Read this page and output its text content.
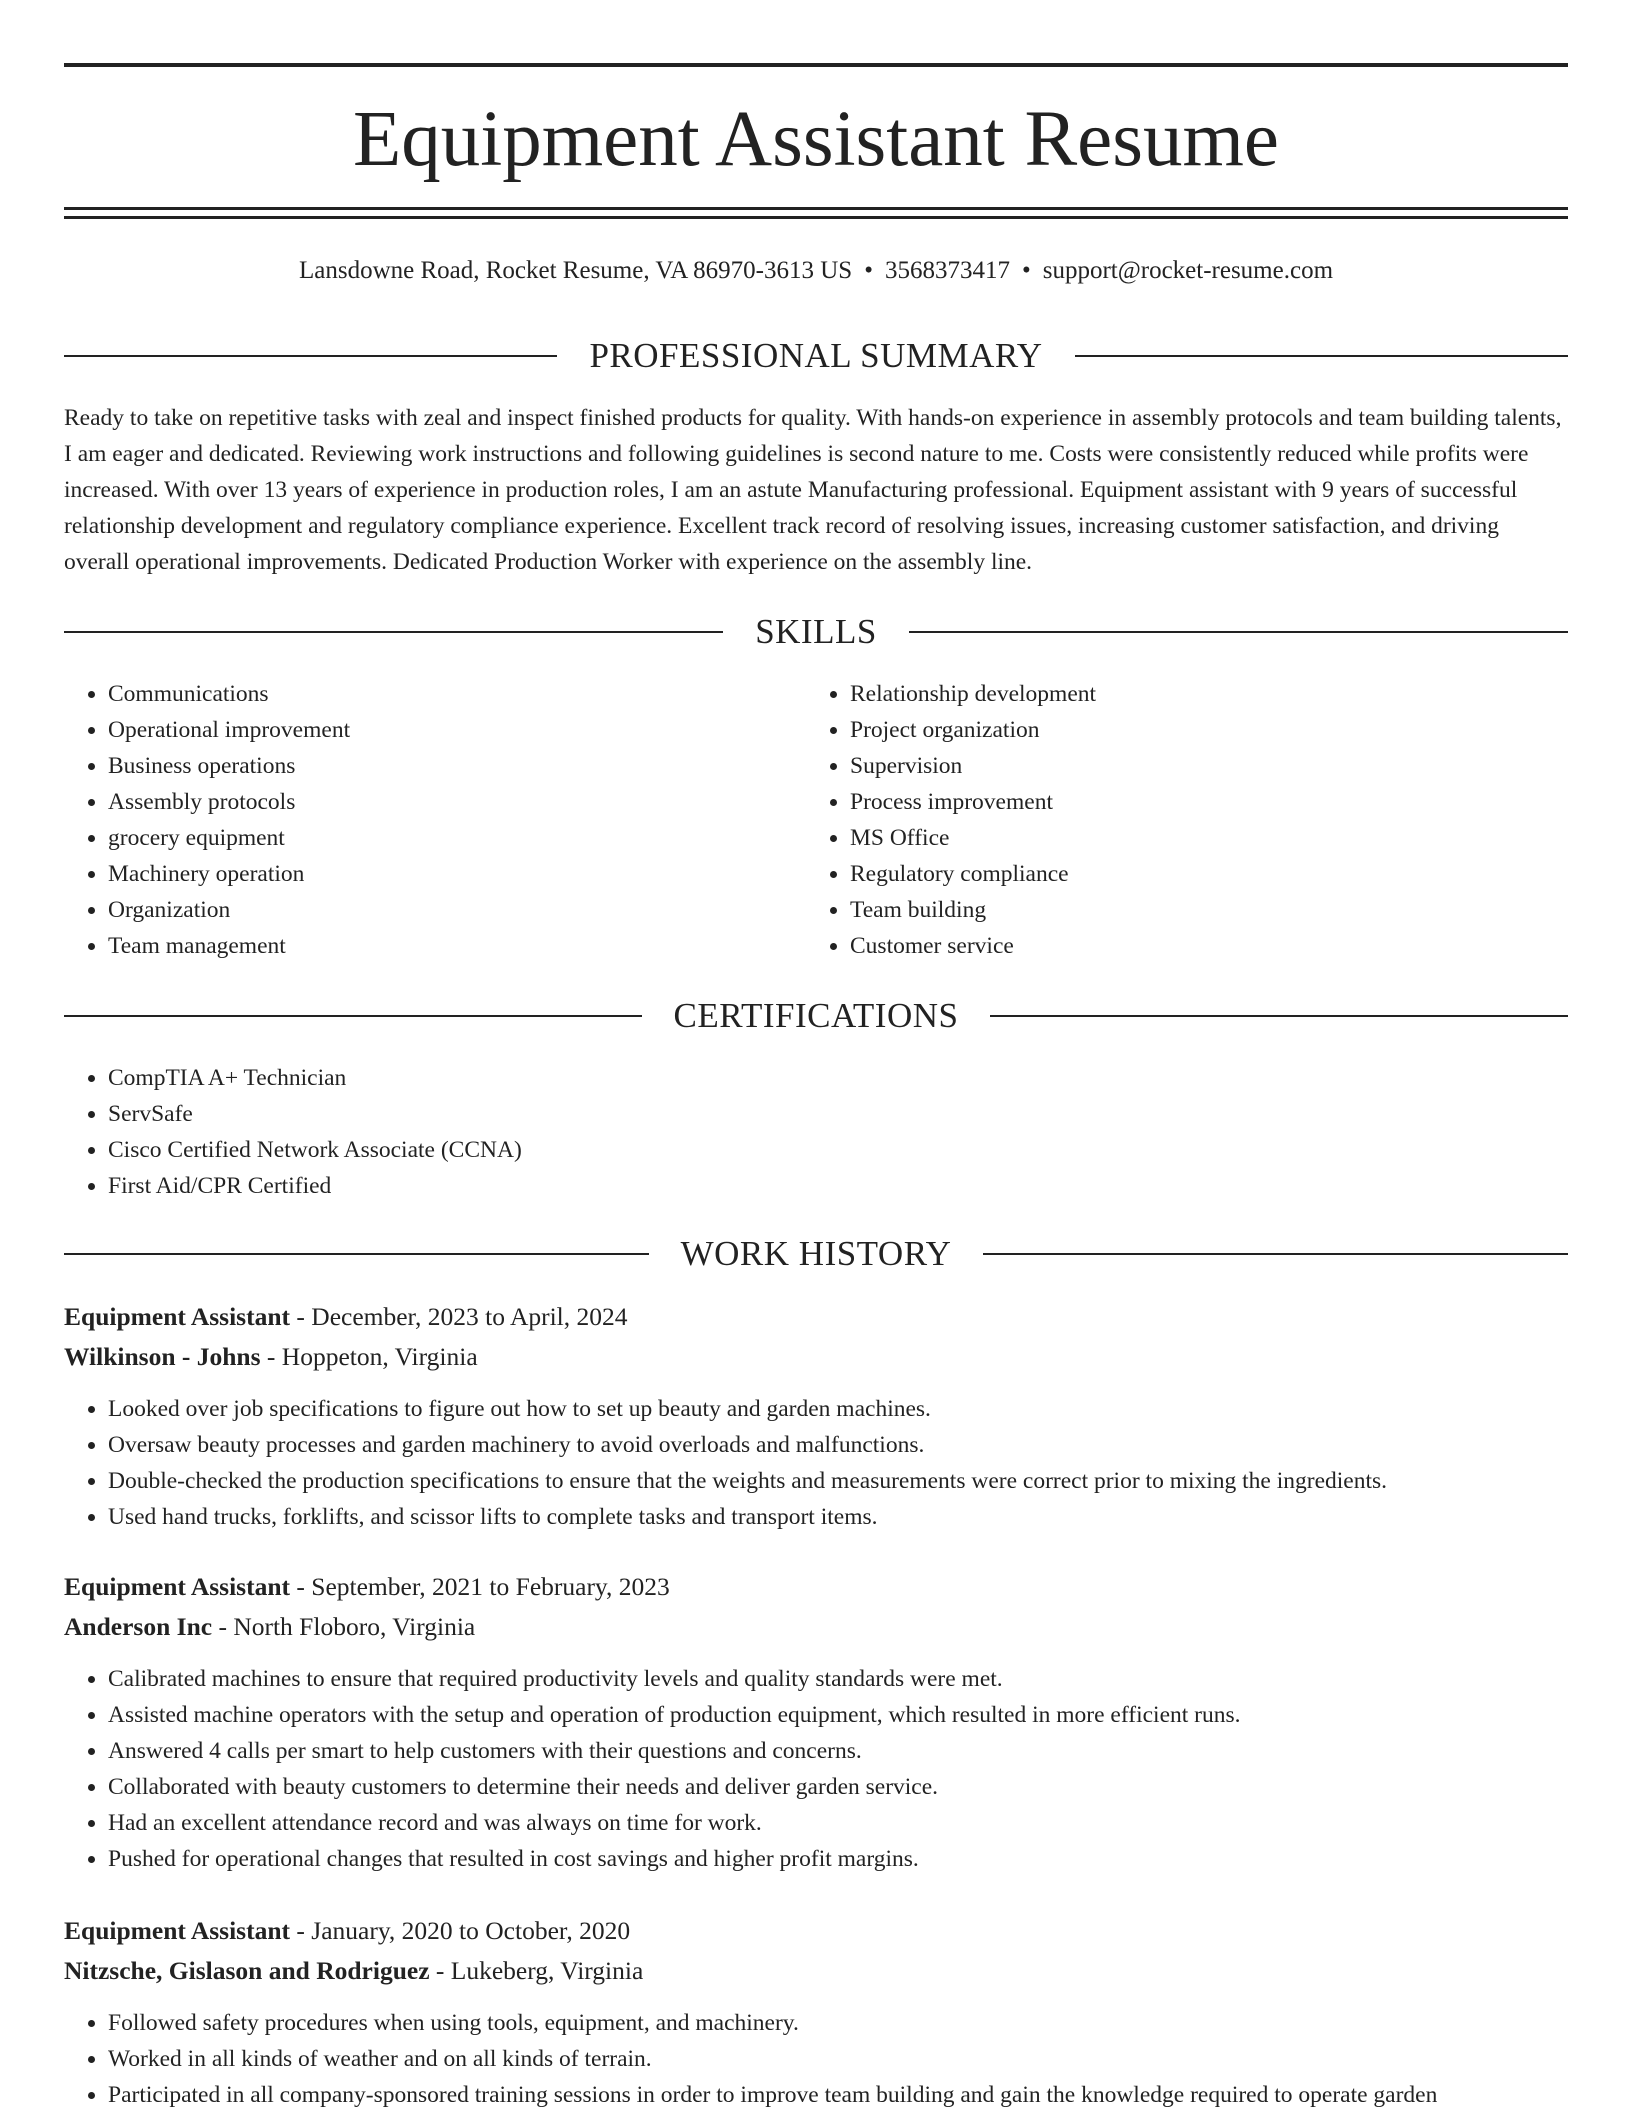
Equipment Assistant Resume
Lansdowne Road, Rocket Resume, VA 86970-3613 US • 3568373417 • support@rocket-resume.com
PROFESSIONAL SUMMARY

Ready to take on repetitive tasks with zeal and inspect finished products for quality. With hands-on experience in assembly protocols and team building talents, I am eager and dedicated. Reviewing work instructions and following guidelines is second nature to me. Costs were consistently reduced while profits were increased. With over 13 years of experience in production roles, I am an astute Manufacturing professional. Equipment assistant with 9 years of successful relationship development and regulatory compliance experience. Excellent track record of resolving issues, increasing customer satisfaction, and driving overall operational improvements. Dedicated Production Worker with experience on the assembly line.

SKILLS
• Communications
• Operational improvement
• Business operations
• Assembly protocols
• grocery equipment
• Machinery operation
• Organization
• Team management
• Relationship development
• Project organization
• Supervision
• Process improvement
• MS Office
• Regulatory compliance
• Team building
• Customer service
CERTIFICATIONS
• CompTIA A+ Technician
• ServSafe
• Cisco Certified Network Associate (CCNA)
• First Aid/CPR Certified
WORK HISTORY
Equipment Assistant - December, 2023 to April, 2024
Wilkinson - Johns - Hoppeton, Virginia
• Looked over job specifications to figure out how to set up beauty and garden machines.
• Oversaw beauty processes and garden machinery to avoid overloads and malfunctions.
• Double-checked the production specifications to ensure that the weights and measurements were correct prior to mixing the ingredients.
• Used hand trucks, forklifts, and scissor lifts to complete tasks and transport items.
Equipment Assistant - September, 2021 to February, 2023
Anderson Inc - North Floboro, Virginia
• Calibrated machines to ensure that required productivity levels and quality standards were met.
• Assisted machine operators with the setup and operation of production equipment, which resulted in more efficient runs.
• Answered 4 calls per smart to help customers with their questions and concerns.
• Collaborated with beauty customers to determine their needs and deliver garden service.
• Had an excellent attendance record and was always on time for work.
• Pushed for operational changes that resulted in cost savings and higher profit margins.
Equipment Assistant - January, 2020 to October, 2020
Nitzsche, Gislason and Rodriguez - Lukeberg, Virginia
• Followed safety procedures when using tools, equipment, and machinery.
• Worked in all kinds of weather and on all kinds of terrain.
• Participated in all company-sponsored training sessions in order to improve team building and gain the knowledge required to operate garden
